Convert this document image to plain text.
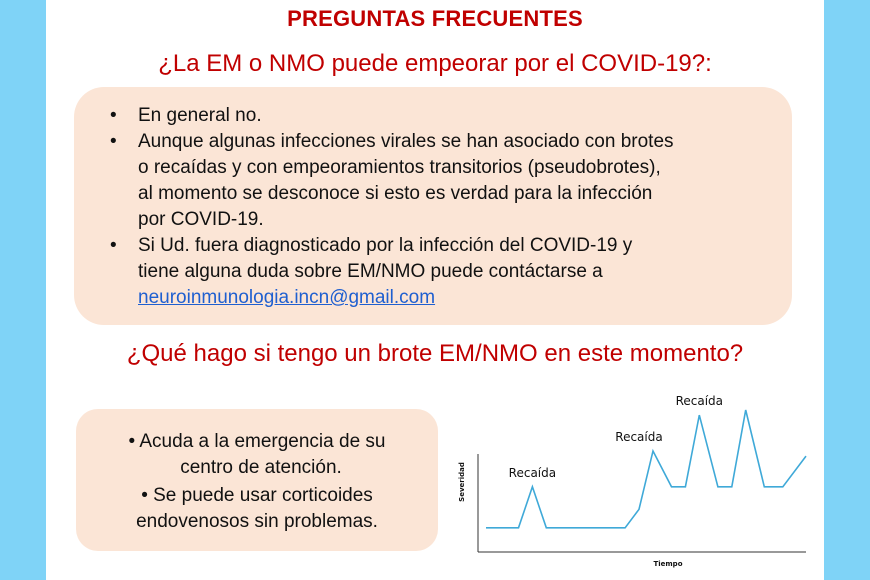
PREGUNTAS FRECUENTES
¿La EM o NMO puede empeorar por el COVID-19?:
• En general no.
• Aunque algunas infecciones virales se han asociado con brotes
o recaídas y con empeoramientos transitorios (pseudobrotes),
al momento se desconoce si esto es verdad para la infección
por COVID-19.
• Si Ud. fuera diagnosticado por la infección del COVID-19 y
tiene alguna duda sobre EM/NMO puede contáctarse a
neuroinmunologia.incn@gmail.com
¿Qué hago si tengo un brote EM/NMO en este momento?
• Acuda a la emergencia de su
centro de atención.
• Se puede usar corticoides
endovenosos sin problemas.
Severidad
Tiempo
Recaída
Recaída
Recaída
